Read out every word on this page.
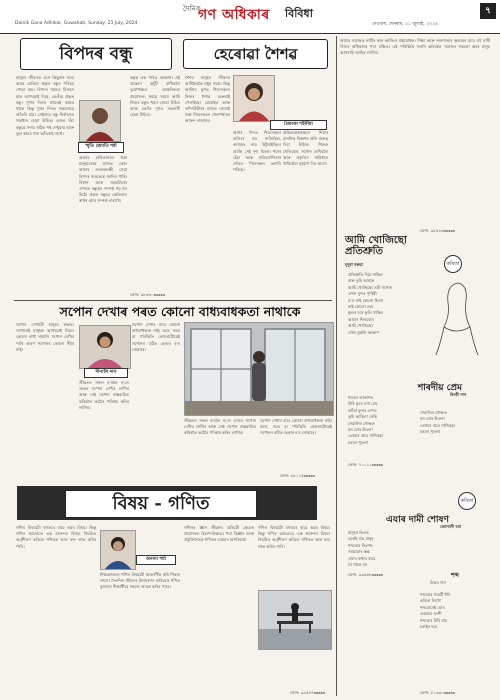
দৈনিক
গণ অধিকাৰ বিবিধা
Dainik Gana Adhikar, Guwahati, Sunday, 21 July, 2024	দেওবাৰ, শেনৰাম, ২১ জুলাই, ২০২৪
৭
বিপদৰ বন্ধু

মানুহৰ জীৱনত এনে কিছুমান সময় আহে যেতিয়া প্ৰকৃত বন্ধুৰ পৰিচয় পোৱা যায়। বিপদৰ সময়ত যিজনে হাত আগবঢ়াই দিয়ে, তেওঁহে প্ৰকৃত বন্ধু। সুখৰ দিনত বহুতেই কাষত থাকে কিন্তু দুখৰ দিনত সকলোৱে আঁতৰি যায়। সেইবাবে বন্ধু নিৰ্বাচনত সাৱধান হোৱা উচিত। এজন সঁচা বন্ধুৱে সদায় সঠিক পথ দেখুৱায় আৰু ভুল কামৰ পৰা আঁতৰাই ৰাখে।

স্মৃতি জ্যোতি শৰ্মা

আমাৰ চাৰিওফালে থকা মানুহবোৰৰ মাজত কোন আমাৰ শুভাকাংক্ষী সেয়া বিপদৰ সময়তহে জানিব পাৰি। বিশ্বাস আৰু সহমৰ্মিতাৰ ওপৰত বন্ধুত্বৰ সম্পৰ্ক গঢ় লৈ উঠে। প্ৰকৃত বন্ধুৱে কেতিয়াও স্বাৰ্থৰ বাবে সম্পৰ্ক নাৰাখে।

বন্ধুত্ব এক পবিত্ৰ বান্ধোন। এই বান্ধোন অটুট ৰাখিবলৈ দুয়োপক্ষৰে আন্তৰিকতা প্ৰয়োজন। সময়ে সময়ে আমি নিজৰ বন্ধুৰ খবৰ লোৱা উচিত আৰু তেওঁৰ দুখত সমভাগী হোৱা উচিত।

ফোন: ৯৮৬৪০xxxxx
হেৰোৱা শৈশৱ

শৈশৱ মানুহৰ জীৱনৰ আটাইতকৈ মধুৰ সময়। কিন্তু আজিৰ যুগত শিশুসকলে নিজৰ শৈশৱ হেৰুৱাই পেলাইছে। মোবাইল আৰু কম্পিউটাৰৰ মাজত সোমাই থকা শিশুসকলে খেলপথাৰৰ আনন্দ নাজানে।

প্ৰিয়ংকা শইকীয়া

আগৰ দিনত শিশুসকলে বালিৰে ঘৰ সাজিছিল, কাগজৰ নাও উটুৱাইছিল। আজি সেই দৃশ্য বিৰল। পঢ়াৰ হেঁচা আৰু প্ৰতিযোগিতাৰ দৌৰত শিশুসকল ভাগৰি পৰিছে।

অভিভাৱকসকলে শিশুৰ মানসিক বিকাশৰ প্ৰতি গুৰুত্ব দিয়া উচিত। শিশুক খেলিবলৈ, সপোন দেখিবলৈ আৰু প্ৰকৃতিৰ সান্নিধ্যত থাকিবলৈ সুযোগ দিব লাগে।

সপোন দেখাৰ পৰত কোনো বাধ্যবাধকতা নাথাকে

সপোন দেখাটো মানুহৰ স্বভাৱ। সপোনেই মানুহক আগবঢ়াই নিয়ে। কোনো বাধা নামানি সপোন দেখিব পাৰি কাৰণ সপোনৰ কোনো সীমা নাই।

দীপালি দাস

জীৱনত সফল হ'বলৈ হ'লে ডাঙৰ সপোন দেখিব লাগিব আৰু সেই সপোন বাস্তৱায়িত কৰিবলৈ কঠোৰ পৰিশ্ৰম কৰিব লাগিব।

সপোন দেখাৰ বাবে কোনো বাধ্যবাধকতা নাই। বয়স, সময় বা পৰিস্থিতি কোনোটোৱেই সপোনৰ বাটত হেঙাৰ হ'ব নোৱাৰে।

জীৱনত সফল হ'বলৈ হ'লে ডাঙৰ সপোন দেখিব লাগিব আৰু সেই সপোন বাস্তৱায়িত কৰিবলৈ কঠোৰ পৰিশ্ৰম কৰিব লাগিব।

সপোন দেখাৰ বাবে কোনো বাধ্যবাধকতা নাই। বয়স, সময় বা পৰিস্থিতি কোনোটোৱেই সপোনৰ বাটত হেঙাৰ হ'ব নোৱাৰে।

ফোন: ৮৮১১৫xxxxx
বিষয় - গণিত

গণিত বিষয়টো বহুতৰে বাবে ভয়ৰ বিষয়। কিন্তু গণিত আচলতে এক আনন্দৰ বিষয়। নিয়মিত অনুশীলন কৰিলে গণিতত ভাল ফল লাভ কৰিব পাৰি।

অনন্যা শৰ্মা

শিক্ষকসকলে গণিত বিষয়টো আকৰ্ষণীয় কৰি শিকাব লাগে। দৈনন্দিন জীৱনৰ উদাহৰণৰ জৰিয়তে গণিত বুজালে শিক্ষাৰ্থীয়ে সহজে আয়ত্ত কৰিব পাৰে।

গণিতৰ জ্ঞান জীৱনৰ প্ৰতিটো ক্ষেত্ৰত প্ৰয়োজন। হিচাপ-নিকাচৰ পৰা বিজ্ঞান আৰু প্ৰযুক্তিলৈকে গণিতৰ ব্যৱহাৰ অপৰিহাৰ্য।

গণিত বিষয়টো বহুতৰে বাবে ভয়ৰ বিষয়। কিন্তু গণিত আচলতে এক আনন্দৰ বিষয়। নিয়মিত অনুশীলন কৰিলে গণিতত ভাল ফল লাভ কৰিব পাৰি।

ফোন: ৯৯৫৪৭xxxxx

আমাৰ সমাজত নাৰীৰ স্থান আজিও প্ৰশ্নবোধক। শিক্ষা আৰু সজাগতাৰ অভাৱৰ বাবে বহু নাৰী নিজৰ অধিকাৰৰ পৰা বঞ্চিত। এই পৰিস্থিতি সলনি কৰিবলৈ সমাজৰ সকলো স্তৰৰ মানুহ আগবাঢ়ি আহিব লাগিব।

ফোন: ৯৮৫৪৩xxxxx
আমি খোজিছো প্ৰতিশ্ৰুতি
মৃদুৰা বৰুৱা	কবিতা
প্ৰতিশ্ৰুতি দিয়া নাছিল
বাৰু তুমি আমাক
আমি খোজিছো এটা সপোন
এখন সুন্দৰ পৃথিৱী
য'ত নাই কোনো হিংসা
নাই কোনো দ্বেষ
ফুলৰ দৰে ফুলি থাকিব
আমাৰ শিশুবোৰ
আমি খোজিছো
এখন মুকলি আকাশ
শাৰদীয় প্ৰেম
ৰিংকী দাস
শৰতৰ আকাশত
উৰি ফুৰে বগা মেঘ
কহুঁৱা ফুলৰ দেশত
তুমি আহিলা নেকি
শেৱালিৰ গোন্ধত
মন মোৰ উতলা
তোমাৰ বাবে সাজিছো
মৰমৰ পুতলা
শেৱালিৰ গোন্ধত
মন মোৰ উতলা
তোমাৰ বাবে সাজিছো
মৰমৰ পুতলা
ফোন: ৭০০২১xxxxx
কবিতা
এযাৰ দামী শোষণ
জোনালী বৰা
মানুহৰ ভিৰত
হেৰাই যায় মানুহ
শব্দবোৰ নিঃশব্দ
সময়বোৰ স্তব্ধ
এযাৰ কথাৰ বাবে
ৰৈ থাকে মন
ফোন: ৯৩৬৫৮xxxxx	শব্দ
চিন্ময় দাস
শব্দবোৰ সাৱটি ধৰি
কবিতা লিখো
শব্দবোৰেই মোৰ
একমাত্ৰ সংগী
শব্দবোৰ উৰি যায়
চৰাইৰ দৰে
ফোন: ৮১৩৩০xxxxx
